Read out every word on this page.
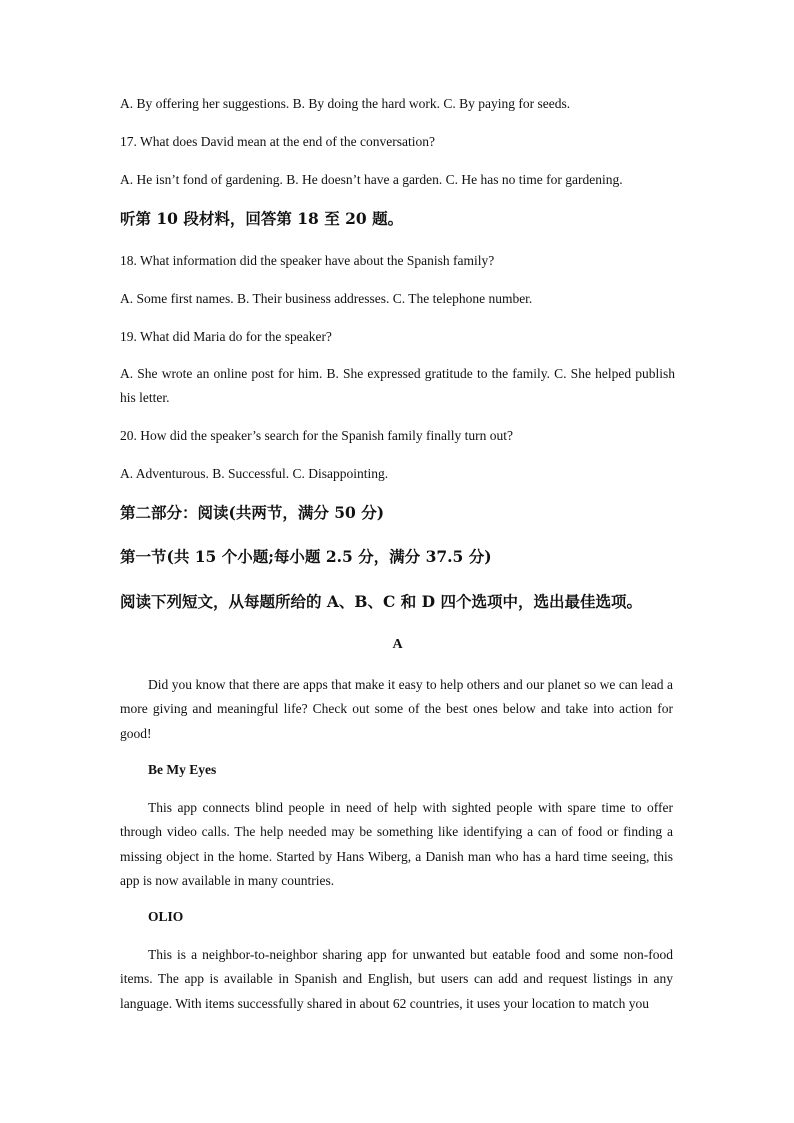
A. By offering her suggestions. B. By doing the hard work. C. By paying for seeds.
17. What does David mean at the end of the conversation?
A. He isn’t fond of gardening. B. He doesn’t have a garden. C. He has no time for gardening.
听第 10 段材料，回答第 18 至 20 题。
18. What information did the speaker have about the Spanish family?
A. Some first names. B. Their business addresses. C. The telephone number.
19. What did Maria do for the speaker?
A. She wrote an online post for him. B. She expressed gratitude to the family. C. She helped publish his letter.
20. How did the speaker’s search for the Spanish family finally turn out?
A. Adventurous. B. Successful. C. Disappointing.
第二部分：阅读(共两节，满分 50 分)
第一节(共 15 个小题;每小题 2.5 分，满分 37.5 分)
阅读下列短文，从每题所给的 A、B、C 和 D 四个选项中，选出最佳选项。
A
Did you know that there are apps that make it easy to help others and our planet so we can lead a more giving and meaningful life? Check out some of the best ones below and take into action for good!
Be My Eyes
This app connects blind people in need of help with sighted people with spare time to offer through video calls. The help needed may be something like identifying a can of food or finding a missing object in the home. Started by Hans Wiberg, a Danish man who has a hard time seeing, this app is now available in many countries.
OLIO
This is a neighbor-to-neighbor sharing app for unwanted but eatable food and some non-food items. The app is available in Spanish and English, but users can add and request listings in any language. With items successfully shared in about 62 countries, it uses your location to match you
